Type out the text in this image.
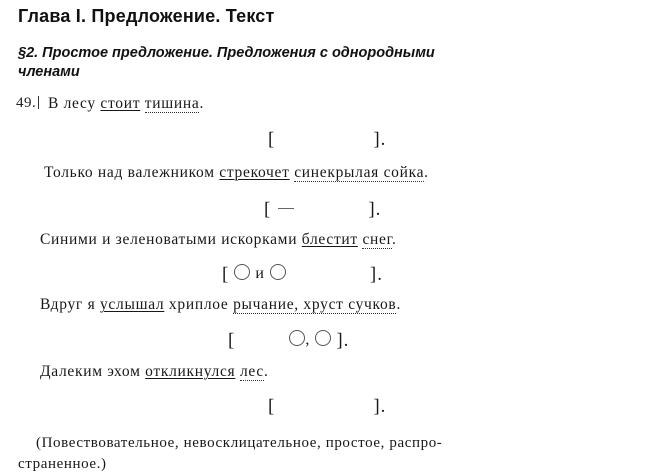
Глава I. Предложение. Текст
§2. Простое предложение. Предложения с однородными
членами
49. В лесу стоит тишина.
[	].
Только над валежником стрекочет синекрылая сойка.
[	].
Синими и зеленоватыми искорками блестит снег.
[ и	].
Вдруг я услышал хриплое рычание, хруст сучков.
[	, ].
Далеким эхом откликнулся лес.
[	].
(Повествовательное, невосклицательное, простое, распро-
страненное.)
